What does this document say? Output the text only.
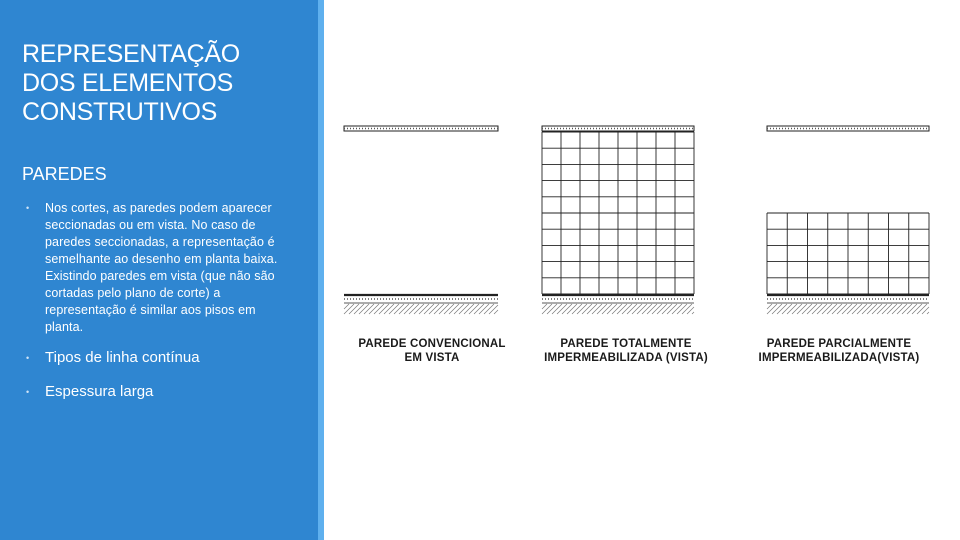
REPRESENTAÇÃO
DOS ELEMENTOS
CONSTRUTIVOS
PAREDES
• Nos cortes, as paredes podem aparecer seccionadas ou em vista. No caso de paredes seccionadas, a representação é semelhante ao desenho em planta baixa. Existindo paredes em vista (que não são cortadas pelo plano de corte) a representação é similar aos pisos em planta.
• Tipos de linha contínua
• Espessura larga
PAREDE CONVENCIONAL
EM VISTA
PAREDE TOTALMENTE
IMPERMEABILIZADA (VISTA)
PAREDE PARCIALMENTE
IMPERMEABILIZADA(VISTA)
